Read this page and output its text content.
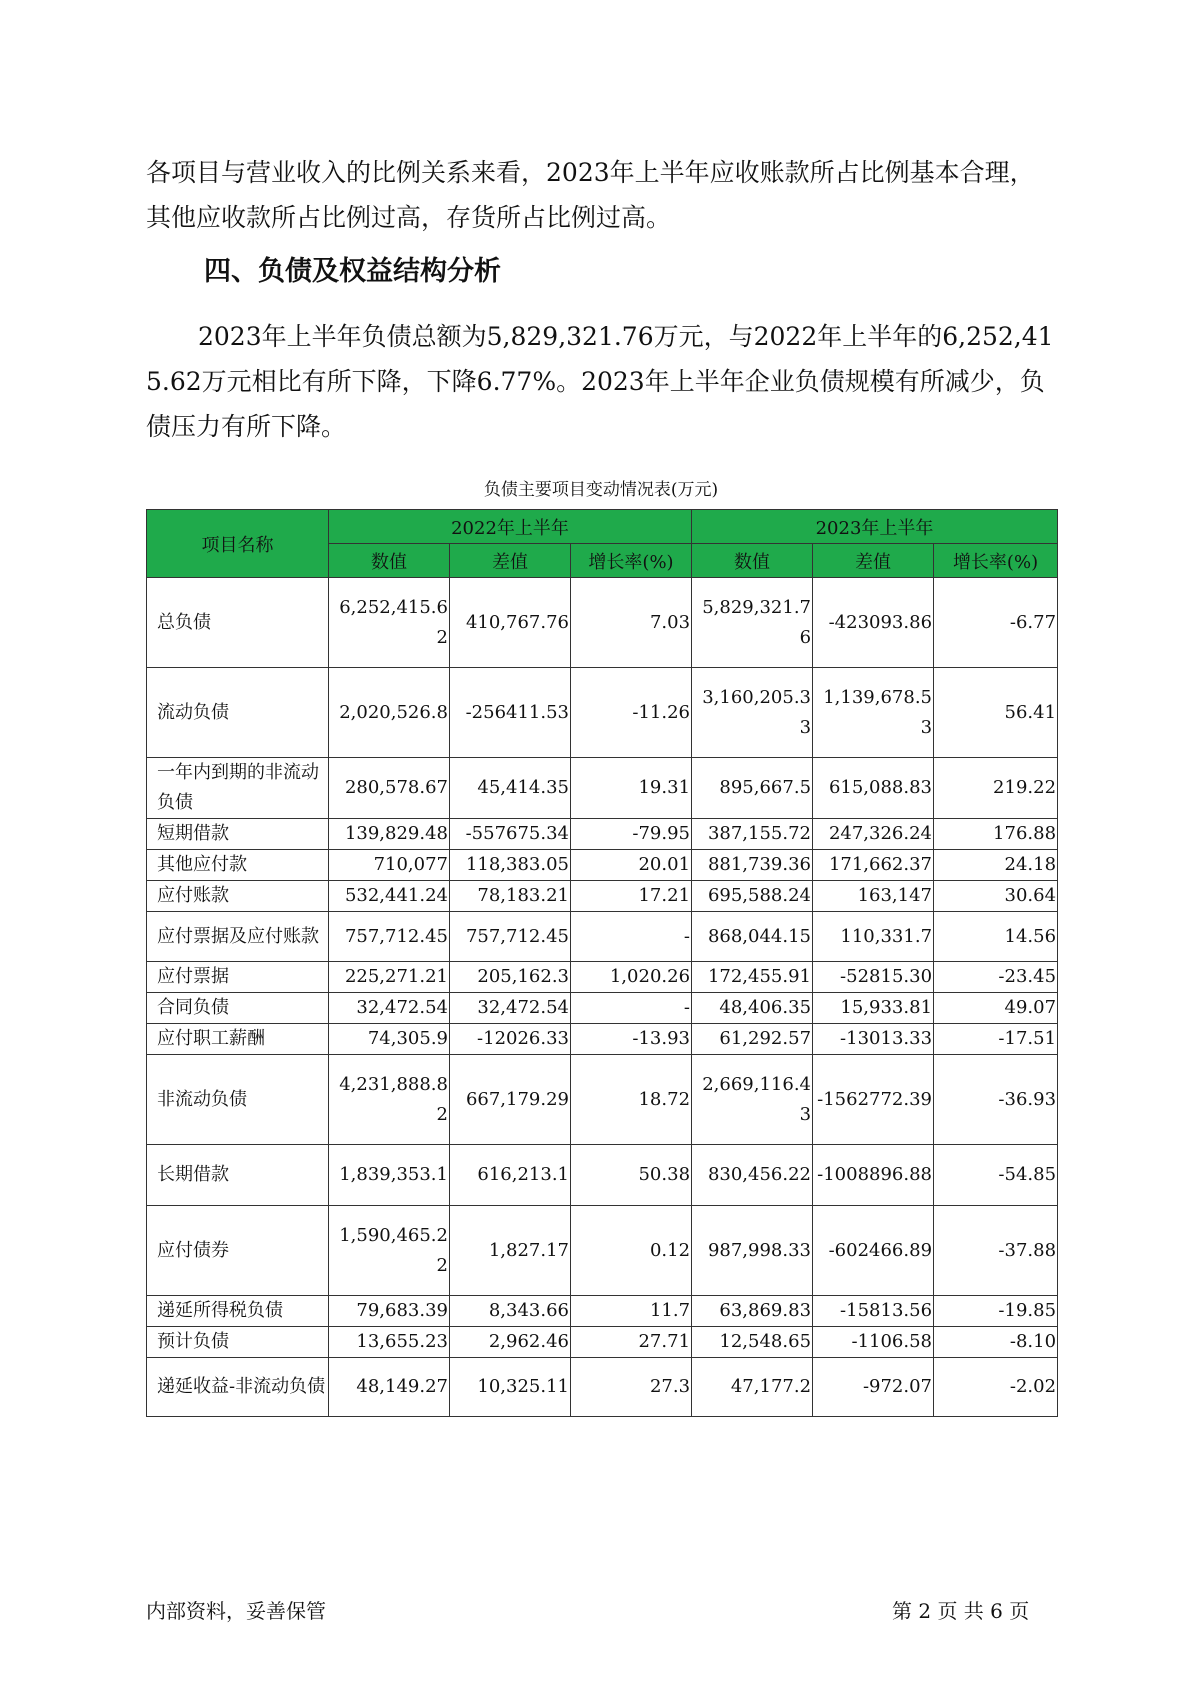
各项目与营业收入的比例关系来看，2023年上半年应收账款所占比例基本合理，其他应收款所占比例过高，存货所占比例过高。

四、负债及权益结构分析

2023年上半年负债总额为5,829,321.76万元，与2022年上半年的6,252,415.62万元相比有所下降，下降6.77%。2023年上半年企业负债规模有所减少，负债压力有所下降。

负债主要项目变动情况表(万元)

项目名称	2022年上半年			2023年上半年		
	数值	差值	增长率(%)	数值	差值	增长率(%)
总负债	6,252,415.62	410,767.76	7.03	5,829,321.76	-423093.86	-6.77
流动负债	2,020,526.8	-256411.53	-11.26	3,160,205.33	1,139,678.53	56.41
一年内到期的非流动负债	280,578.67	45,414.35	19.31	895,667.5	615,088.83	219.22
短期借款	139,829.48	-557675.34	-79.95	387,155.72	247,326.24	176.88
其他应付款	710,077	118,383.05	20.01	881,739.36	171,662.37	24.18
应付账款	532,441.24	78,183.21	17.21	695,588.24	163,147	30.64
应付票据及应付账款	757,712.45	757,712.45	-	868,044.15	110,331.7	14.56
应付票据	225,271.21	205,162.3	1,020.26	172,455.91	-52815.30	-23.45
合同负债	32,472.54	32,472.54	-	48,406.35	15,933.81	49.07
应付职工薪酬	74,305.9	-12026.33	-13.93	61,292.57	-13013.33	-17.51
非流动负债	4,231,888.82	667,179.29	18.72	2,669,116.43	-1562772.39	-36.93
长期借款	1,839,353.1	616,213.1	50.38	830,456.22	-1008896.88	-54.85
应付债券	1,590,465.22	1,827.17	0.12	987,998.33	-602466.89	-37.88
递延所得税负债	79,683.39	8,343.66	11.7	63,869.83	-15813.56	-19.85
预计负债	13,655.23	2,962.46	27.71	12,548.65	-1106.58	-8.10
递延收益-非流动负债	48,149.27	10,325.11	27.3	47,177.2	-972.07	-2.02

内部资料，妥善保管	第 2 页 共 6 页
